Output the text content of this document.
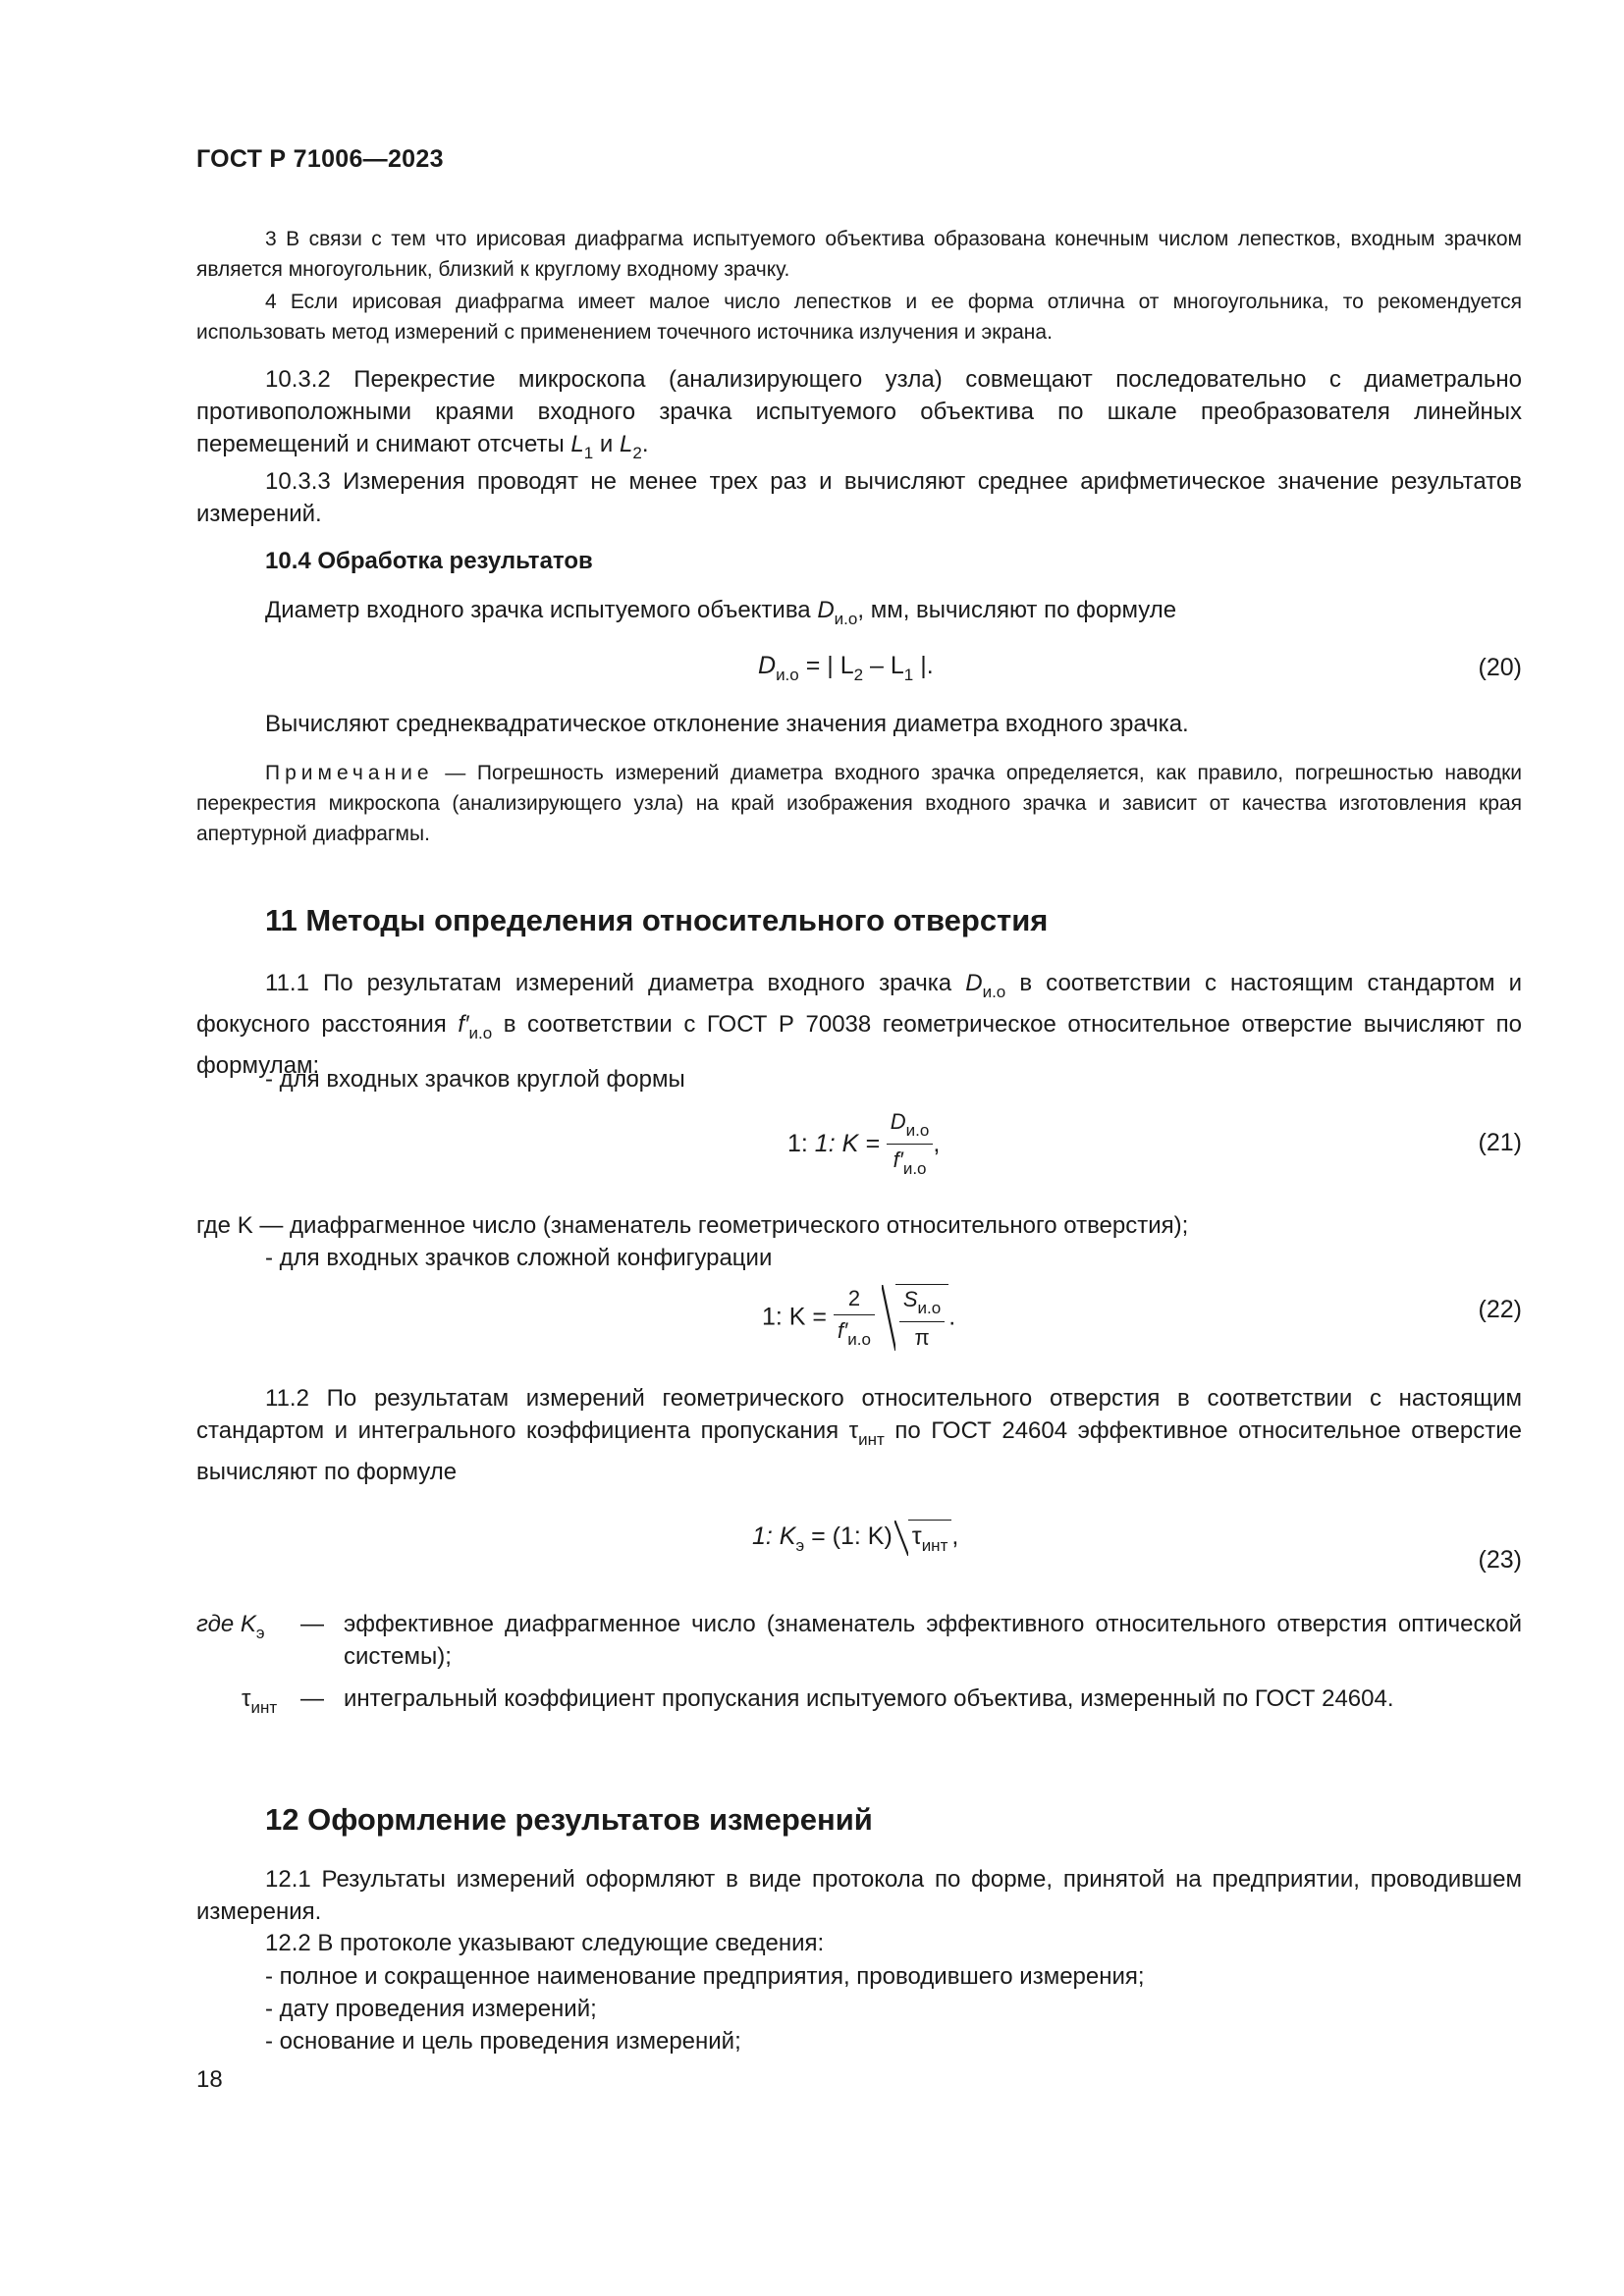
ГОСТ Р 71006—2023

3 В связи с тем что ирисовая диафрагма испытуемого объектива образована конечным числом лепестков, входным зрачком является многоугольник, близкий к круглому входному зрачку.

4 Если ирисовая диафрагма имеет малое число лепестков и ее форма отлична от многоугольника, то рекомендуется использовать метод измерений с применением точечного источника излучения и экрана.

10.3.2 Перекрестие микроскопа (анализирующего узла) совмещают последовательно с диаметрально противоположными краями входного зрачка испытуемого объектива по шкале преобразователя линейных перемещений и снимают отсчеты $L_1$ и $L_2$.

10.3.3 Измерения проводят не менее трех раз и вычисляют среднее арифметическое значение результатов измерений.

10.4 Обработка результатов
Диаметр входного зрачка испытуемого объектива $D_{и.о}$, мм, вычисляют по формуле
$D_{и.о}$ = | $L_2 - L_1$ |.	(20)
Вычисляют среднеквадратическое отклонение значения диаметра входного зрачка.

Примечание — Погрешность измерений диаметра входного зрачка определяется, как правило, погрешностью наводки перекрестия микроскопа (анализирующего узла) на край изображения входного зрачка и зависит от качества изготовления края апертурной диафрагмы.

11 Методы определения относительного отверстия

11.1 По результатам измерений диаметра входного зрачка $D_{и.о}$ в соответствии с настоящим стандартом и фокусного расстояния $f'_{и.о}$ в соответствии с ГОСТ Р 70038 геометрическое относительное отверстие вычисляют по формулам:

- для входных зрачков круглой формы
1: 1: $K = \frac{D_{и.о}}{f'_{и.о}}$ ,	(21)
где K — диафрагменное число (знаменатель геометрического относительного отверстия);
- для входных зрачков сложной конфигурации
1: $K = \frac{2}{f'_{и.о}}$
$\frac{S_{и.о}}{\pi}$ .	(22)

11.2 По результатам измерений геометрического относительного отверстия в соответствии с настоящим стандартом и интегрального коэффициента пропускания $\tau_{инт}$ по ГОСТ 24604 эффективное относительное отверстие вычисляют по формуле

1: $K_э = (1$: K) $\tau_{инт}$ ,
(23)
где $K_э$ — эффективное диафрагменное число (знаменатель эффективного относительного отверстия оптической системы);
$\tau_{инт}$ — интегральный коэффициент пропускания испытуемого объектива, измеренный по ГОСТ 24604.
12 Оформление результатов измерений

12.1 Результаты измерений оформляют в виде протокола по форме, принятой на предприятии, проводившем измерения.

12.2 В протоколе указывают следующие сведения:
- полное и сокращенное наименование предприятия, проводившего измерения;
- дату проведения измерений;
- основание и цель проведения измерений;
18
